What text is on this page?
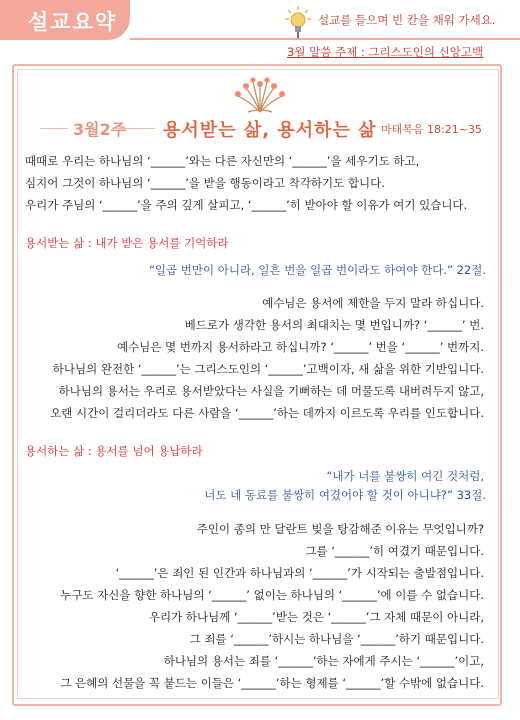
설교요약	설교를 들으며 빈 칸을 채워 가세요.
3월 말씀 주제 : 그리스도인의 신앙고백
3월2주 용서받는 삶, 용서하는 삶 마태복음 18:21~35
때때로 우리는 하나님의 ‘______’와는 다른 자신만의 ‘______’을 세우기도 하고,
심지어 그것이 하나님의 ‘______’을 받을 행동이라고 착각하기도 합니다.
우리가 주님의 ‘______’을 주의 깊게 살피고, ‘______’히 받아야 할 이유가 여기 있습니다.
용서받는 삶 : 내가 받은 용서를 기억하라
“일곱 번만이 아니라, 일흔 번을 일곱 번이라도 하여야 한다.” 22절.
예수님은 용서에 제한을 두지 말라 하십니다.
베드로가 생각한 용서의 최대치는 몇 번입니까? ‘______’ 번.
예수님은 몇 번까지 용서하라고 하십니까? ‘______’ 번을 ‘______’ 번까지.
하나님의 완전한 ‘______’는 그리스도인의 ‘______’고백이자, 새 삶을 위한 기반입니다.
하나님의 용서는 우리로 용서받았다는 사실을 기뻐하는 데 머물도록 내버려두지 않고,
오랜 시간이 걸리더라도 다른 사람을 ‘______’하는 데까지 이르도록 우리를 인도합니다.
용서하는 삶 : 용서를 넘어 용납하라
“내가 너를 불쌍히 여긴 것처럼,
너도 네 동료를 불쌍히 여겼어야 할 것이 아니냐?” 33절.
주인이 종의 만 달란트 빚을 탕감해준 이유는 무엇입니까?
그를 ‘______’히 여겼기 때문입니다.
‘______’은 죄인 된 인간과 하나님과의 ‘______’가 시작되는 출발점입니다.
누구도 자신을 향한 하나님의 ‘______’ 없이는 하나님의 ‘______’에 이를 수 없습니다.
우리가 하나님께 ‘______’받는 것은 ‘______’그 자체 때문이 아니라,
그 죄를 ‘______’하시는 하나님을 ‘______’하기 때문입니다.
하나님의 용서는 죄를 ‘______’하는 자에게 주시는 ‘______’이고,
그 은혜의 선물을 꼭 붙드는 이들은 ‘______’하는 형제를 ‘______’할 수밖에 없습니다.
